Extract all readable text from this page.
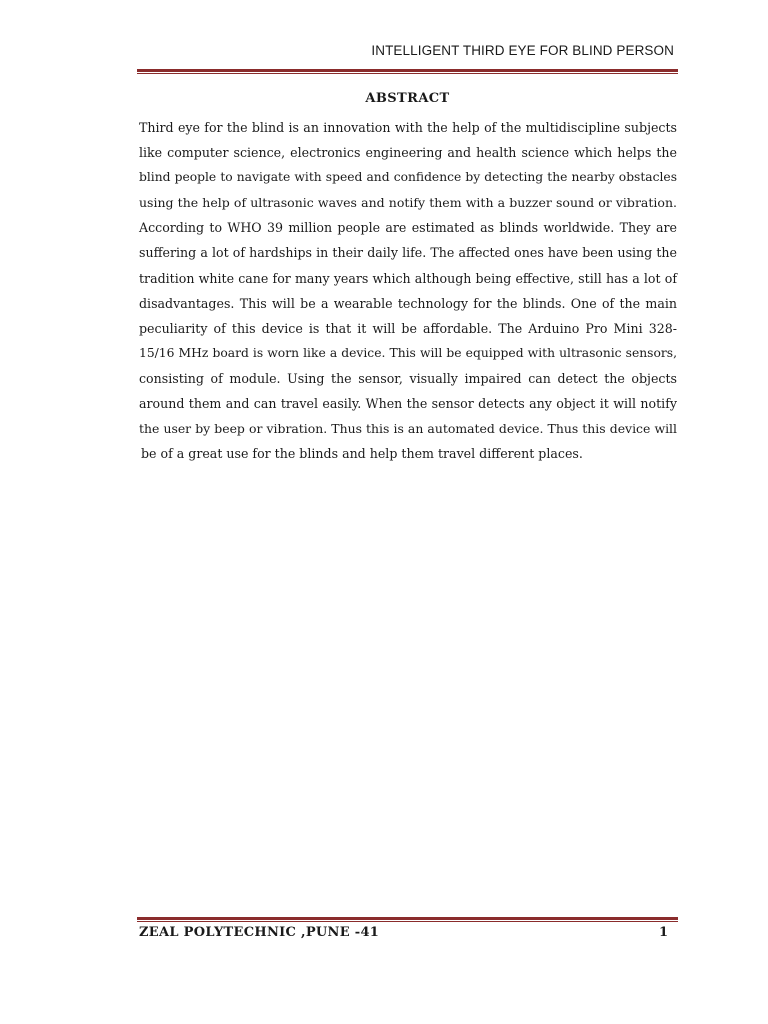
INTELLIGENT THIRD EYE FOR BLIND PERSON
ABSTRACT
Third eye for the blind is an innovation with the help of the multidiscipline subjects
like computer science, electronics engineering and health science which helps the
blind people to navigate with speed and confidence by detecting the nearby obstacles
using the help of ultrasonic waves and notify them with a buzzer sound or vibration.
According to WHO 39 million people are estimated as blinds worldwide. They are
suffering a lot of hardships in their daily life. The affected ones have been using the
tradition white cane for many years which although being effective, still has a lot of
disadvantages. This will be a wearable technology for the blinds. One of the main
peculiarity of this device is that it will be affordable. The Arduino Pro Mini 328-
15/16 MHz board is worn like a device. This will be equipped with ultrasonic sensors,
consisting of module. Using the sensor, visually impaired can detect the objects
around them and can travel easily. When the sensor detects any object it will notify
the user by beep or vibration. Thus this is an automated device. Thus this device will
be of a great use for the blinds and help them travel different places.
ZEAL POLYTECHNIC ,PUNE -41	1
